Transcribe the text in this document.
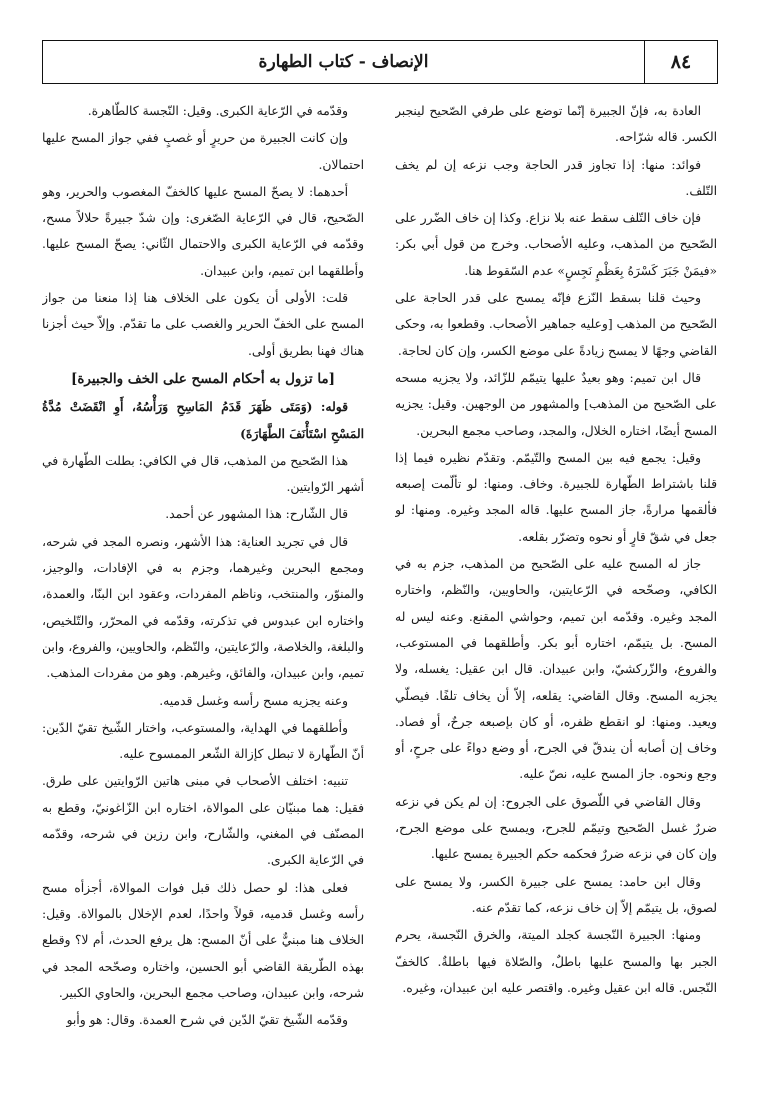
٨٤
الإنصاف - كتاب الطهارة

العادة به، فإنّ الجبيرة إنّما توضع على طرفي الصّحيح لينجبر الكسر. قاله شرّاحه.

فوائد: منها: إذا تجاوز قدر الحاجة وجب نزعه إن لم يخف التّلف.

فإن خاف التّلف سقط عنه بلا نزاع. وكذا إن خاف الضّرر على الصّحيح من المذهب، وعليه الأصحاب. وخرج من قول أبي بكر: «فيمَنْ جَبَرَ كَسْرَهُ بِعَظْمٍ نَجِسٍ» عدم السّقوط هنا.

وحيث قلنا بسقط النّزع فإنّه يمسح على قدر الحاجة على الصّحيح من المذهب [وعليه جماهير الأصحاب. وقطعوا به، وحكى القاضي وجهًا لا يمسح زيادةً على موضع الكسر، وإن كان لحاجة.

قال ابن تميم: وهو بعيدٌ عليها يتيمّم للزّائد، ولا يجزيه مسحه على الصّحيح من المذهب] والمشهور من الوجهين. وقيل: يجزيه المسح أيضًا، اختاره الخلال، والمجد، وصاحب مجمع البحرين.

وقيل: يجمع فيه بين المسح والتّيمّم. وتقدّم نظيره فيما إذا قلنا باشتراط الطّهارة للجبيرة. وخاف. ومنها: لو تألّمت إصبعه فألقمها مرارةً، جاز المسح عليها. قاله المجد وغيره. ومنها: لو جعل في شقّ قارٍ أو نحوه وتضرّر بقلعه.

جاز له المسح عليه على الصّحيح من المذهب، جزم به في الكافي، وصحّحه في الرّعايتين، والحاويين، والنّظم، واختاره المجد وغيره. وقدّمه ابن تميم، وحواشي المقنع. وعنه ليس له المسح. بل يتيمّم، اختاره أبو بكر. وأطلقهما في المستوعب، والفروع، والزّركشيّ، وابن عبيدان. قال ابن عقيل: يغسله، ولا يجزيه المسح. وقال القاضي: يقلعه، إلاّ أن يخاف تلفًا. فيصلّي ويعيد. ومنها: لو انقطع ظفره، أو كان بإصبعه جرحٌ، أو فصاد. وخاف إن أصابه أن يندقّ في الجرح، أو وضع دواءً على جرحٍ، أو وجع ونحوه. جاز المسح عليه، نصّ عليه.

وقال القاضي في اللّصوق على الجروح: إن لم يكن في نزعه ضررٌ غسل الصّحيح وتيمّم للجرح، ويمسح على موضع الجرح، وإن كان في نزعه ضررٌ فحكمه حكم الجبيرة يمسح عليها.

وقال ابن حامد: يمسح على جبيرة الكسر، ولا يمسح على لصوق، بل يتيمّم إلاّ إن خاف نزعه، كما تقدّم عنه.

ومنها: الجبيرة النّجسة كجلد الميتة، والخرق النّجسة، يحرم الجبر بها والمسح عليها باطلٌ، والصّلاة فيها باطلةٌ. كالخفّ النّجس. قاله ابن عقيل وغيره. واقتصر عليه ابن عبيدان، وغيره.

وقدّمه في الرّعاية الكبرى. وقيل: النّجسة كالطّاهرة.

وإن كانت الجبيرة من حريرٍ أو غصبٍ ففي جواز المسح عليها احتمالان.

أحدهما: لا يصحّ المسح عليها كالخفّ المغصوب والحرير، وهو الصّحيح، قال في الرّعاية الصّغرى: وإن شدّ جبيرةً حلالاً مسح، وقدّمه في الرّعاية الكبرى والاحتمال الثّاني: يصحّ المسح عليها. وأطلقهما ابن تميم، وابن عبيدان.

قلت: الأولى أن يكون على الخلاف هنا إذا منعنا من جواز المسح على الخفّ الحرير والغصب على ما تقدّم. وإلاّ حيث أجزنا هناك فهنا بطريق أولى.

[ما تزول به أحكام المسح على الخف والجبيرة]

قوله: (وَمَتَى ظَهَرَ قَدَمُ المَاسِحِ وَرَأْسُهُ، أَوِ انْقَضَتْ مُدَّةُ المَسْحِ اسْتَأْنَفَ الطَّهَارَةَ)

هذا الصّحيح من المذهب، قال في الكافي: بطلت الطّهارة في أشهر الرّوايتين.

قال الشّارح: هذا المشهور عن أحمد.

قال في تجريد العناية: هذا الأشهر، ونصره المجد في شرحه، ومجمع البحرين وغيرهما، وجزم به في الإفادات، والوجيز، والمنوّر، والمنتخب، وناظم المفردات، وعقود ابن البنّا، والعمدة، واختاره ابن عبدوس في تذكرته، وقدّمه في المحرّر، والتّلخيص، والبلغة، والخلاصة، والرّعايتين، والنّظم، والحاويين، والفروع، وابن تميم، وابن عبيدان، والفائق، وغيرهم. وهو من مفردات المذهب.

وعنه يجزيه مسح رأسه وغسل قدميه.

وأطلقهما في الهداية، والمستوعب، واختار الشّيخ تقيّ الدّين: أنّ الطّهارة لا تبطل كإزالة الشّعر الممسوح عليه.

تنبيه: اختلف الأصحاب في مبنى هاتين الرّوايتين على طرق. فقيل: هما مبنيّان على الموالاة، اختاره ابن الزّاغونيّ، وقطع به المصنّف في المغني، والشّارح، وابن رزين في شرحه، وقدّمه في الرّعاية الكبرى.

فعلى هذا: لو حصل ذلك قبل فوات الموالاة، أجزأه مسح رأسه وغسل قدميه، قولاً واحدًا، لعدم الإخلال بالموالاة. وقيل: الخلاف هنا مبنيٌّ على أنّ المسح: هل يرفع الحدث، أم لا؟ وقطع بهذه الطّريقة القاضي أبو الحسين، واختاره وصحّحه المجد في شرحه، وابن عبيدان، وصاحب مجمع البحرين، والحاوي الكبير.

وقدّمه الشّيخ تقيّ الدّين في شرح العمدة. وقال: هو وأبو
